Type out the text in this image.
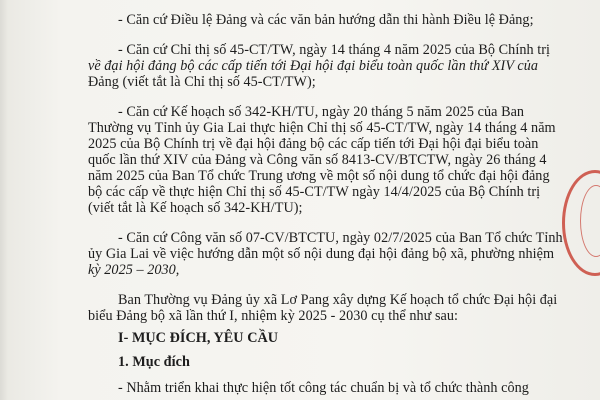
- Căn cứ Điều lệ Đảng và các văn bản hướng dẫn thi hành Điều lệ Đảng;
- Căn cứ Chỉ thị số 45-CT/TW, ngày 14 tháng 4 năm 2025 của Bộ Chính trị
về đại hội đảng bộ các cấp tiến tới Đại hội đại biểu toàn quốc lần thứ XIV của
Đảng (viết tắt là Chỉ thị số 45-CT/TW);
- Căn cứ Kế hoạch số 342-KH/TU, ngày 20 tháng 5 năm 2025 của Ban
Thường vụ Tỉnh ủy Gia Lai thực hiện Chỉ thị số 45-CT/TW, ngày 14 tháng 4 năm
2025 của Bộ Chính trị về đại hội đảng bộ các cấp tiến tới Đại hội đại biểu toàn
quốc lần thứ XIV của Đảng và Công văn số 8413-CV/BTCTW, ngày 26 tháng 4
năm 2025 của Ban Tổ chức Trung ương về một số nội dung tổ chức đại hội đảng
bộ các cấp về thực hiện Chỉ thị số 45-CT/TW ngày 14/4/2025 của Bộ Chính trị
(viết tắt là Kế hoạch số 342-KH/TU);
- Căn cứ Công văn số 07-CV/BTCTU, ngày 02/7/2025 của Ban Tổ chức Tỉnh
ủy Gia Lai về việc hướng dẫn một số nội dung đại hội đảng bộ xã, phường nhiệm
kỳ 2025 – 2030,
Ban Thường vụ Đảng ủy xã Lơ Pang xây dựng Kế hoạch tổ chức Đại hội đại
biểu Đảng bộ xã lần thứ I, nhiệm kỳ 2025 - 2030 cụ thể như sau:
I- MỤC ĐÍCH, YÊU CẦU
1. Mục đích
- Nhằm triển khai thực hiện tốt công tác chuẩn bị và tổ chức thành công
